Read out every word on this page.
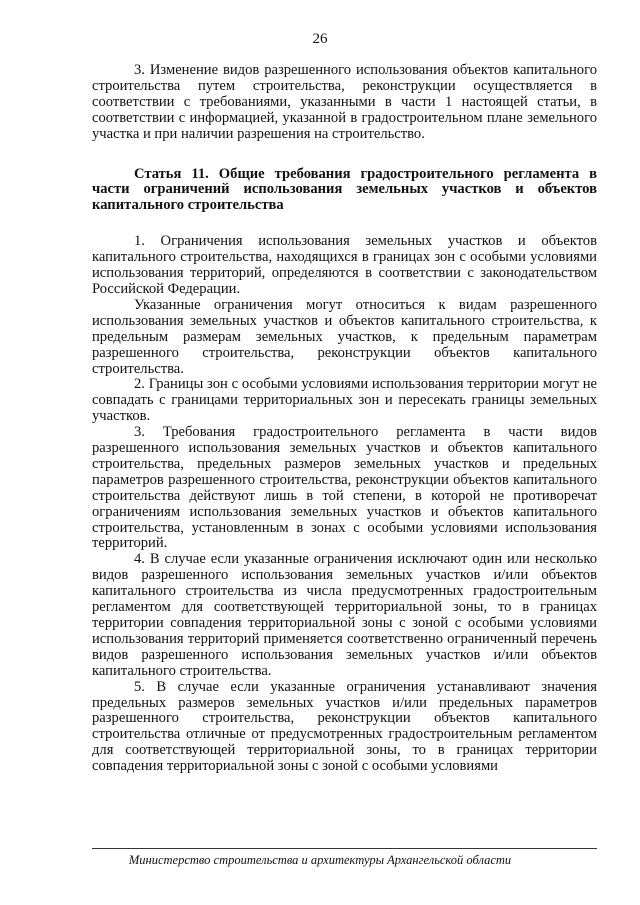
26

3. Изменение видов разрешенного использования объектов капитального строительства путем строительства, реконструкции осуществляется в соответствии с требованиями, указанными в части 1 настоящей статьи, в соответствии с информацией, указанной в градостроительном плане земельного участка и при наличии разрешения на строительство.

Статья 11. Общие требования градостроительного регламента в части ограничений использования земельных участков и объектов капитального строительства

1. Ограничения использования земельных участков и объектов капитального строительства, находящихся в границах зон с особыми условиями использования территорий, определяются в соответствии с законодательством Российской Федерации.

Указанные ограничения могут относиться к видам разрешенного использования земельных участков и объектов капитального строительства, к предельным размерам земельных участков, к предельным параметрам разрешенного строительства, реконструкции объектов капитального строительства.

2. Границы зон с особыми условиями использования территории могут не совпадать с границами территориальных зон и пересекать границы земельных участков.

3. Требования градостроительного регламента в части видов разрешенного использования земельных участков и объектов капитального строительства, предельных размеров земельных участков и предельных параметров разрешенного строительства, реконструкции объектов капитального строительства действуют лишь в той степени, в которой не противоречат ограничениям использования земельных участков и объектов капитального строительства, установленным в зонах с особыми условиями использования территорий.

4. В случае если указанные ограничения исключают один или несколько видов разрешенного использования земельных участков и/или объектов капитального строительства из числа предусмотренных градостроительным регламентом для соответствующей территориальной зоны, то в границах территории совпадения территориальной зоны с зоной с особыми условиями использования территорий применяется соответственно ограниченный перечень видов разрешенного использования земельных участков и/или объектов капитального строительства.

5. В случае если указанные ограничения устанавливают значения предельных размеров земельных участков и/или предельных параметров разрешенного строительства, реконструкции объектов капитального строительства отличные от предусмотренных градостроительным регламентом для соответствующей территориальной зоны, то в границах территории совпадения территориальной зоны с зоной с особыми условиями

Министерство строительства и архитектуры Архангельской области
